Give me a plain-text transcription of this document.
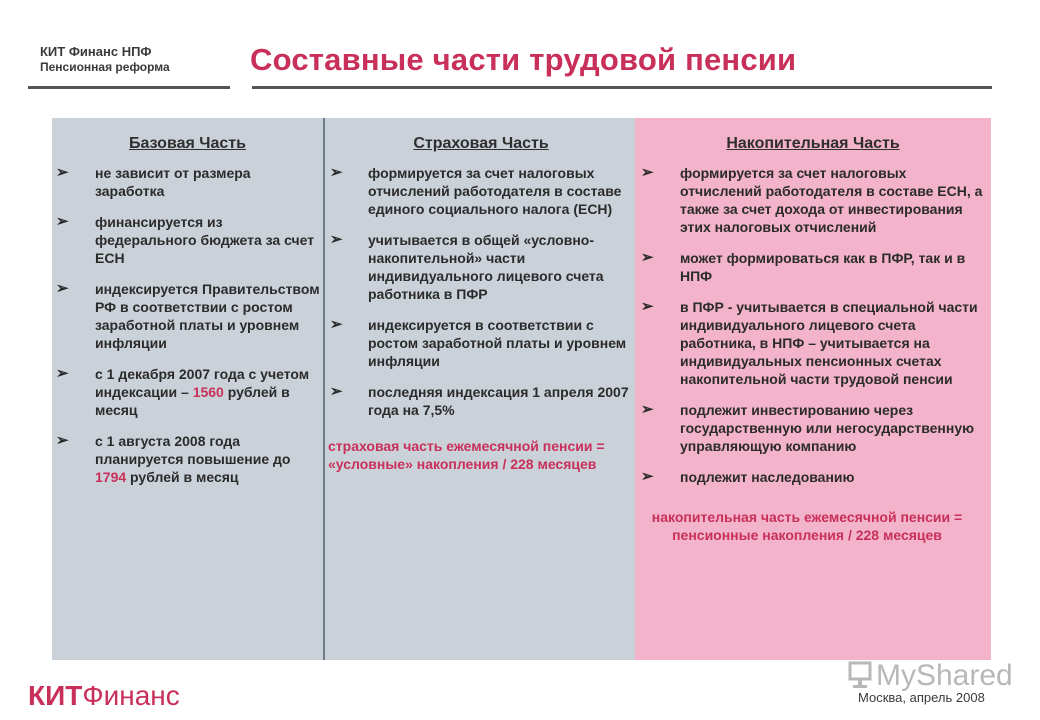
КИТ Финанс НПФ
Пенсионная реформа	Составные части трудовой пенсии
Базовая Часть
➢ не зависит от размера заработка
➢ финансируется из федерального бюджета за счет ЕСН
➢ индексируется Правительством РФ в соответствии с ростом заработной платы и уровнем инфляции
➢ с 1 декабря 2007 года с учетом индексации – 1560 рублей в месяц
➢ с 1 августа 2008 года планируется повышение до 1794 рублей в месяц
Страховая Часть
➢ формируется за счет налоговых отчислений работодателя в составе единого социального налога (ЕСН)
➢ учитывается в общей «условно-накопительной» части индивидуального лицевого счета работника в ПФР
➢ индексируется в соответствии с ростом заработной платы и уровнем инфляции
➢ последняя индексация 1 апреля 2007 года на 7,5%
страховая часть ежемесячной пенсии = «условные» накопления / 228 месяцев
Накопительная Часть
➢ формируется за счет налоговых отчислений работодателя в составе ЕСН, а также за счет дохода от инвестирования этих налоговых отчислений
➢ может формироваться как в ПФР, так и в НПФ
➢ в ПФР - учитывается в специальной части индивидуального лицевого счета работника, в НПФ – учитывается на индивидуальных пенсионных счетах накопительной части трудовой пенсии
➢ подлежит инвестированию через государственную или негосударственную управляющую компанию
➢ подлежит наследованию
накопительная часть ежемесячной пенсии = пенсионные накопления / 228 месяцев
КИТФинанс
MyShared
Москва, апрель 2008
